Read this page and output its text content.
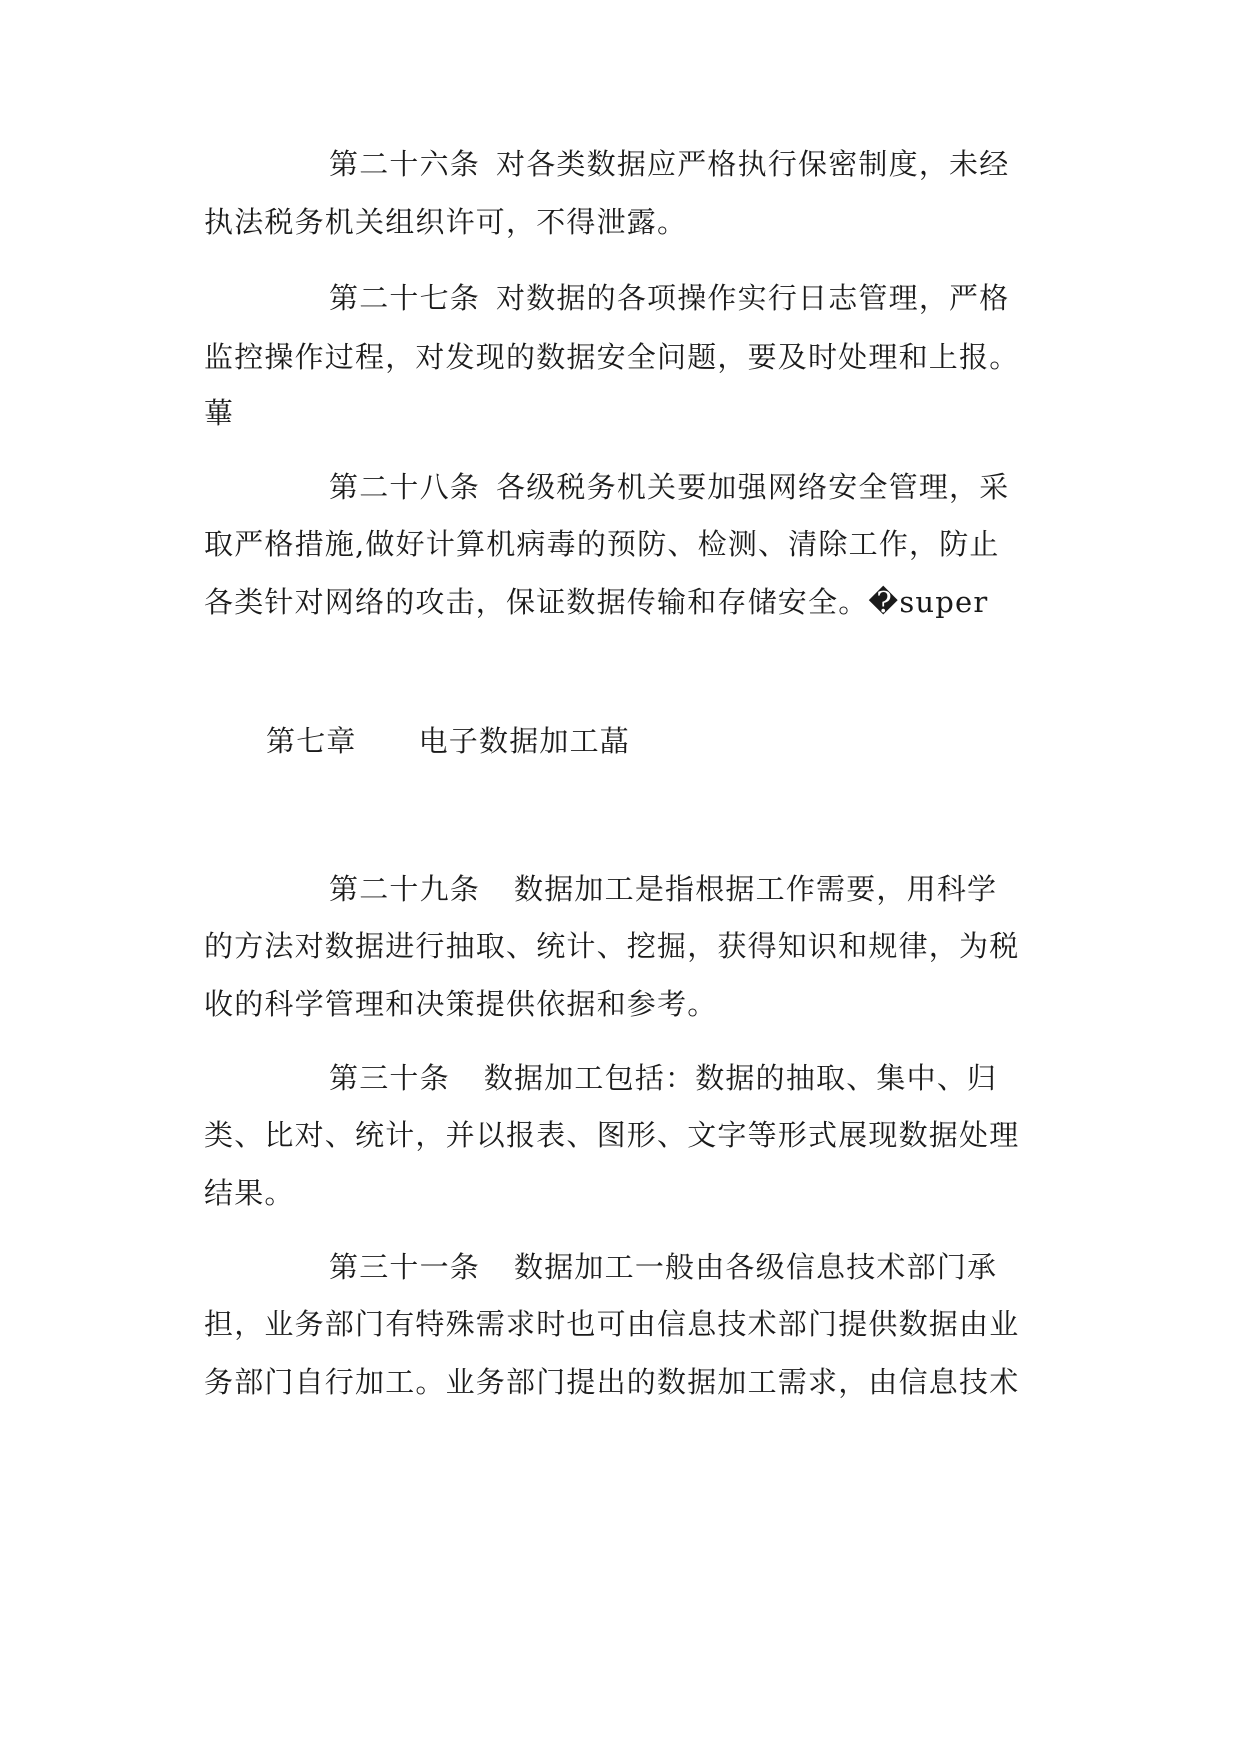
第二十六条 对各类数据应严格执行保密制度，未经
执法税务机关组织许可，不得泄露。
第二十七条 对数据的各项操作实行日志管理，严格
监控操作过程，对发现的数据安全问题，要及时处理和上报。
蓽
第二十八条 各级税务机关要加强网络安全管理，采
取严格措施,做好计算机病毒的预防、检测、清除工作，防止
各类针对网络的攻击，保证数据传输和存储安全。�super
第七章 电子数据加工蕌
第二十九条 数据加工是指根据工作需要，用科学
的方法对数据进行抽取、统计、挖掘，获得知识和规律，为税
收的科学管理和决策提供依据和参考。
第三十条 数据加工包括：数据的抽取、集中、归
类、比对、统计，并以报表、图形、文字等形式展现数据处理
结果。
第三十一条 数据加工一般由各级信息技术部门承
担，业务部门有特殊需求时也可由信息技术部门提供数据由业
务部门自行加工。业务部门提出的数据加工需求，由信息技术
